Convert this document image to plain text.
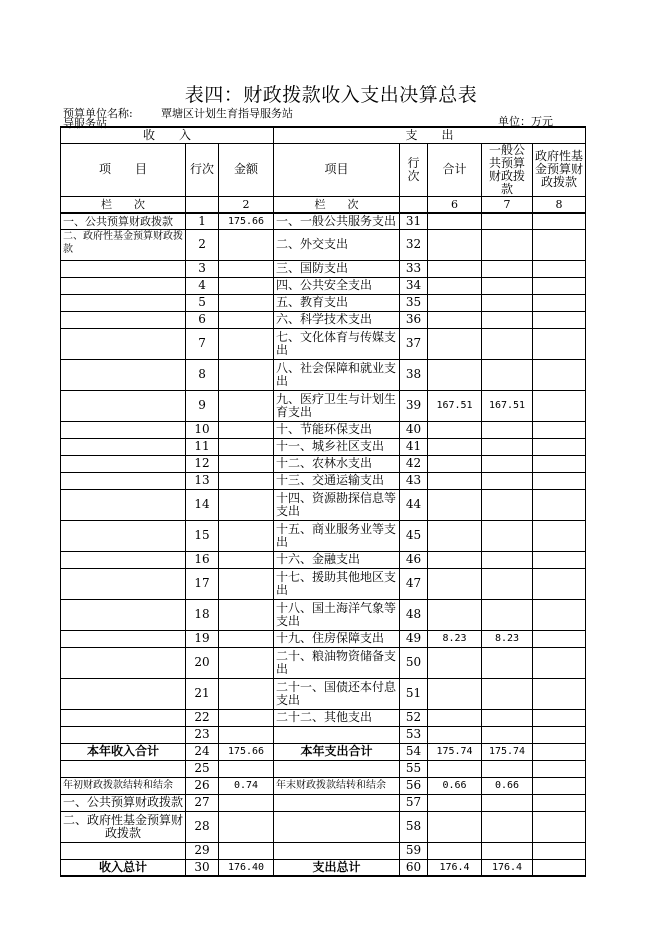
表四：财政拨款收入支出决算总表
预算单位名称:	覃塘区计划生育指导服务站
导服务站	单位：万元
收　　入			支　　出				
项　　目	行次	金额	项目	行次	合计	一般公共预算财政拨款	政府性基金预算财政拨款
栏　　次		2	栏　　次		6	7	8

一、公共预算财政拨款	1	175.66	一、一般公共服务支出	31			

二、政府性基金预算财政拨款	2		二、外交支出	32			
	3		三、国防支出	33			
	4		四、公共安全支出	34			
	5		五、教育支出	35			
	6		六、科学技术支出	36			
	7		七、文化体育与传媒支出	37			
	8		八、社会保障和就业支出	38			
	9		九、医疗卫生与计划生育支出	39	167.51	167.51	
	10		十、节能环保支出	40			
	11		十一、城乡社区支出	41			
	12		十二、农林水支出	42			
	13		十三、交通运输支出	43			
	14		十四、资源勘探信息等支出	44			
	15		十五、商业服务业等支出	45			
	16		十六、金融支出	46			
	17		十七、援助其他地区支出	47			
	18		十八、国土海洋气象等支出	48			
	19		十九、住房保障支出	49	8.23	8.23	
	20		二十、粮油物资储备支出	50			
	21		二十一、国债还本付息支出	51			
	22		二十二、其他支出	52			
	23			53			
本年收入合计	24	175.66	本年支出合计	54	175.74	175.74	
	25			55			

年初财政拨款结转和结余	26	0.74	年末财政拨款结转和结余	56	0.66	0.66	
一、公共预算财政拨款	27			57			
二、政府性基金预算财政拨款	28			58			
	29			59			
收入总计	30	176.40	支出总计	60	176.4	176.4	
